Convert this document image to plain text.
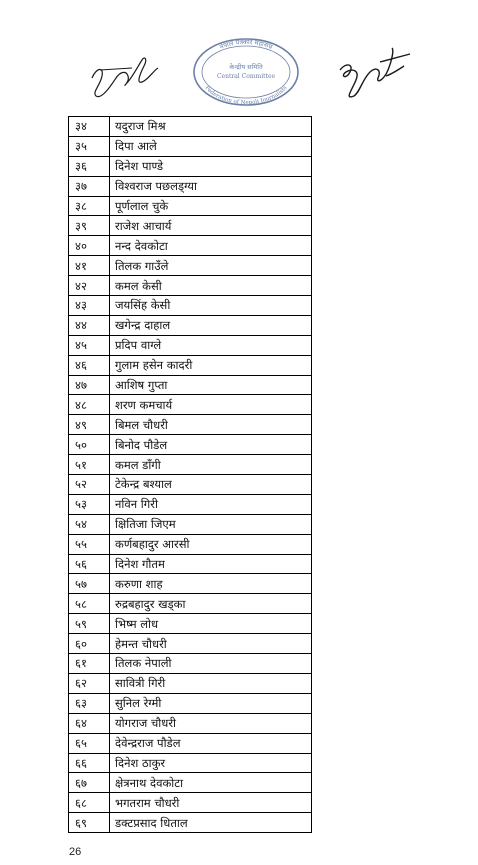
नेपाल पत्रकार महासंघ
केन्द्रीय समिति
Central Committee
Federation of Nepali Journalists
३४	यदुराज मिश्र
३५	दिपा आले
३६	दिनेश पाण्डे
३७	विश्वराज पछलड्ग्या
३८	पूर्णलाल चुके
३९	राजेश आचार्य
४०	नन्द देवकोटा
४१	तिलक गाउँले
४२	कमल केसी
४३	जयसिंह केसी
४४	खगेन्द्र दाहाल
४५	प्रदिप वाग्ले
४६	गुलाम हसेन कादरी
४७	आशिष गुप्ता
४८	शरण कमचार्य
४९	बिमल चौधरी
५०	बिनोद पौडेल
५१	कमल डाँगी
५२	टेकेन्द्र बश्याल
५३	नविन गिरी
५४	क्षितिजा जिएम
५५	कर्णबहादुर आरसी
५६	दिनेश गौतम
५७	करुणा शाह
५८	रुद्रबहादुर खड्का
५९	भिष्म लोध
६०	हेमन्त चौधरी
६१	तिलक नेपाली
६२	सावित्री गिरी
६३	सुनिल रेग्मी
६४	योगराज चौधरी
६५	देवेन्द्रराज पौडेल
६६	दिनेश ठाकुर
६७	क्षेत्रनाथ देवकोटा
६८	भगतराम चौधरी
६९	डक्टप्रसाद धिताल
26
